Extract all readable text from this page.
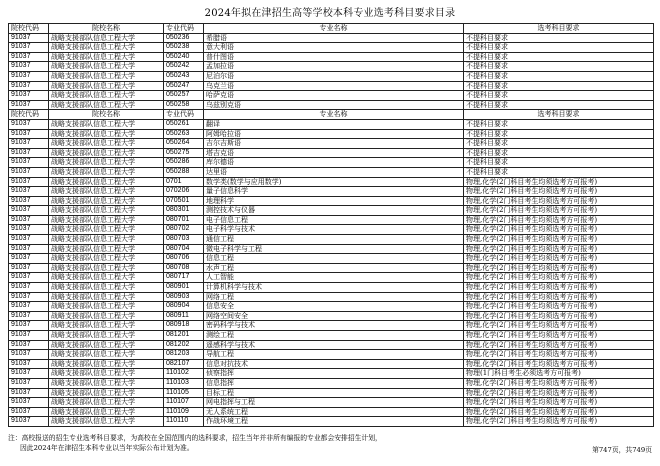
2024年拟在津招生高等学校本科专业选考科目要求目录
院校代码	院校名称	专业代码	专业名称	选考科目要求
91037	战略支援部队信息工程大学	050236	希腊语	不提科目要求
91037	战略支援部队信息工程大学	050238	意大利语	不提科目要求
91037	战略支援部队信息工程大学	050240	普什图语	不提科目要求
91037	战略支援部队信息工程大学	050242	孟加拉语	不提科目要求
91037	战略支援部队信息工程大学	050243	尼泊尔语	不提科目要求
91037	战略支援部队信息工程大学	050247	乌克兰语	不提科目要求
91037	战略支援部队信息工程大学	050257	哈萨克语	不提科目要求
91037	战略支援部队信息工程大学	050258	乌兹别克语	不提科目要求
院校代码	院校名称	专业代码	专业名称	选考科目要求
91037	战略支援部队信息工程大学	050261	翻译	不提科目要求
91037	战略支援部队信息工程大学	050263	阿姆哈拉语	不提科目要求
91037	战略支援部队信息工程大学	050264	吉尔吉斯语	不提科目要求
91037	战略支援部队信息工程大学	050275	塔吉克语	不提科目要求
91037	战略支援部队信息工程大学	050286	库尔德语	不提科目要求
91037	战略支援部队信息工程大学	050288	达里语	不提科目要求
91037	战略支援部队信息工程大学	0701	数学类(数学与应用数学)	物理,化学(2门科目考生均须选考方可报考)
91037	战略支援部队信息工程大学	070206	量子信息科学	物理,化学(2门科目考生均须选考方可报考)
91037	战略支援部队信息工程大学	070501	地理科学	物理,化学(2门科目考生均须选考方可报考)
91037	战略支援部队信息工程大学	080301	测控技术与仪器	物理,化学(2门科目考生均须选考方可报考)
91037	战略支援部队信息工程大学	080701	电子信息工程	物理,化学(2门科目考生均须选考方可报考)
91037	战略支援部队信息工程大学	080702	电子科学与技术	物理,化学(2门科目考生均须选考方可报考)
91037	战略支援部队信息工程大学	080703	通信工程	物理,化学(2门科目考生均须选考方可报考)
91037	战略支援部队信息工程大学	080704	微电子科学与工程	物理,化学(2门科目考生均须选考方可报考)
91037	战略支援部队信息工程大学	080706	信息工程	物理,化学(2门科目考生均须选考方可报考)
91037	战略支援部队信息工程大学	080708	水声工程	物理,化学(2门科目考生均须选考方可报考)
91037	战略支援部队信息工程大学	080717	人工智能	物理,化学(2门科目考生均须选考方可报考)
91037	战略支援部队信息工程大学	080901	计算机科学与技术	物理,化学(2门科目考生均须选考方可报考)
91037	战略支援部队信息工程大学	080903	网络工程	物理,化学(2门科目考生均须选考方可报考)
91037	战略支援部队信息工程大学	080904	信息安全	物理,化学(2门科目考生均须选考方可报考)
91037	战略支援部队信息工程大学	080911	网络空间安全	物理,化学(2门科目考生均须选考方可报考)
91037	战略支援部队信息工程大学	080918	密码科学与技术	物理,化学(2门科目考生均须选考方可报考)
91037	战略支援部队信息工程大学	081201	测绘工程	物理,化学(2门科目考生均须选考方可报考)
91037	战略支援部队信息工程大学	081202	遥感科学与技术	物理,化学(2门科目考生均须选考方可报考)
91037	战略支援部队信息工程大学	081203	导航工程	物理,化学(2门科目考生均须选考方可报考)
91037	战略支援部队信息工程大学	082107	信息对抗技术	物理,化学(2门科目考生均须选考方可报考)
91037	战略支援部队信息工程大学	110102	侦察指挥	物理(1门科目考生必须选考方可报考)
91037	战略支援部队信息工程大学	110103	信息指挥	物理,化学(2门科目考生均须选考方可报考)
91037	战略支援部队信息工程大学	110105	目标工程	物理,化学(2门科目考生均须选考方可报考)
91037	战略支援部队信息工程大学	110107	网电指挥与工程	物理,化学(2门科目考生均须选考方可报考)
91037	战略支援部队信息工程大学	110109	无人系统工程	物理,化学(2门科目考生均须选考方可报考)
91037	战略支援部队信息工程大学	110110	作战环境工程	物理,化学(2门科目考生均须选考方可报考)
注：高校报送的招生专业选考科目要求，为高校在全国范围内的选科要求，招生当年并非所有编报的专业都会安排招生计划，
因此2024年在津招生本科专业以当年实际公布计划为准。	第747页，共749页
